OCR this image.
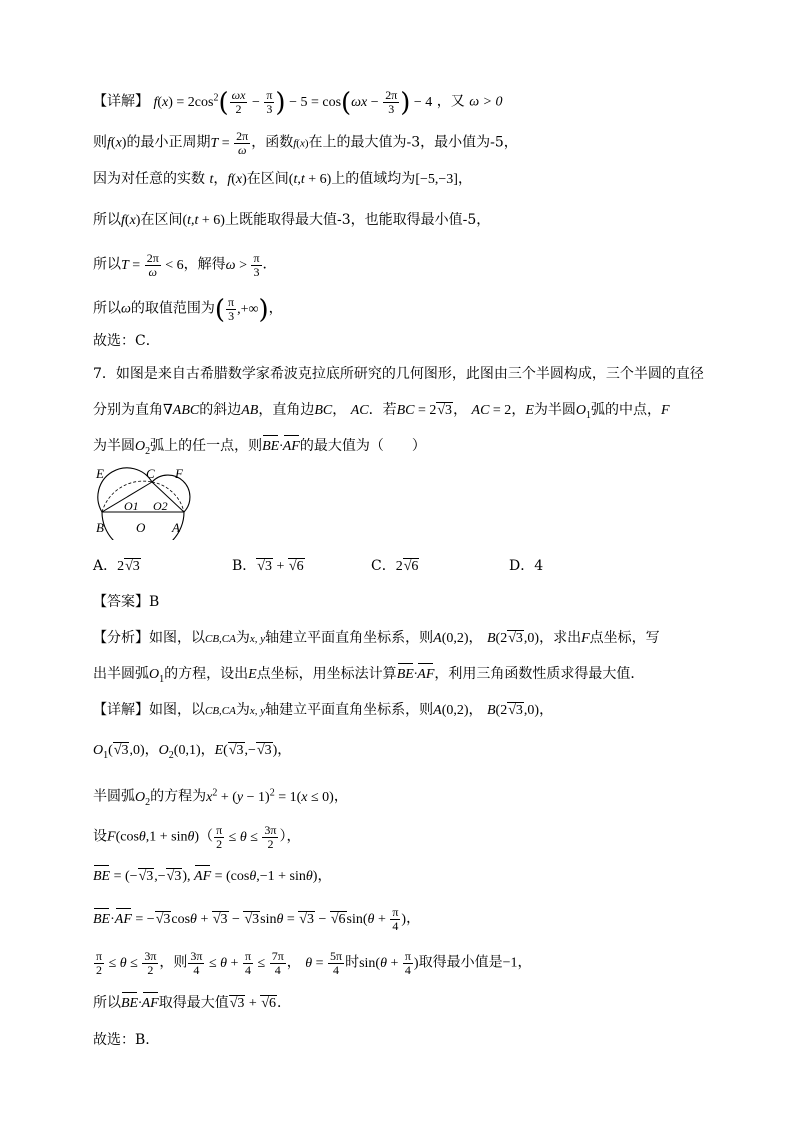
【详解】 $f(x) = 2\cos^2( \frac{\omega x}{2} - \frac{\pi}{3}$ ) − $5 = \cos(\omega x - \frac{2\pi}{3}$ ) − 4 ，又 ω > 0
则f(x)的最小正周期$T = \frac{2\pi}{\omega}$ ，函数f(x)在上的最大值为-3，最小值为-5，
因为对任意的实数 t，f(x)在区间(t,t + 6)上的值域均为[−5,−3]，
所以f(x)在区间(t,t + 6)上既能取得最大值-3，也能取得最小值-5，
所以$T = \frac{2\pi}{\omega} < 6$，解得$\omega > \frac{\pi}{3}$ ．
所以ω的取值范围为( $\frac{\pi}{3}$ ,+∞)，
故选：C．
7．如图是来自古希腊数学家希波克拉底所研究的几何图形，此图由三个半圆构成，三个半圆的直径
分别为直角∇ABC的斜边AB，直角边BC， AC．若BC = 2√3， AC = 2，E为半圆$O_1$弧的中点，F
为半圆$O_2$弧上的任一点，则BE·AF的最大值为（　　）
E	C F
O1 O2
B O A
A．2√3	B．√3 + √6	C．2√6	D．4
【答案】B
【分析】如图，以CB,CA为x, y轴建立平面直角坐标系，则A(0,2)， B(2√3,0)，求出F点坐标，写
出半圆弧$O_1$的方程，设出E点坐标，用坐标法计算BE·AF，利用三角函数性质求得最大值．
【详解】如图，以CB,CA为x, y轴建立平面直角坐标系，则A(0,2)， B(2√3,0)，
$O_1(√3,0)$，$O_2(0,1)$，E(√3,−√3)，
半圆弧$O_2$的方程为$x^2 + (y - 1)^2 = 1(x \le 0)$，
设$F(\cos\theta,1 + \sin\theta)( \frac{\pi}{2} \le \theta \le \frac{3\pi}{2}$ ），
BE = (−√3,−√3), AF = (cosθ,−1 + sinθ)，
$BE\cdot AF = -√3\cos\theta + √3 - √3\sin\theta = √3 - √6\sin(\theta + \frac{\pi}{4}$ )，
$\frac{\pi}{2} \le \theta \le \frac{3\pi}{2}$ ，则 $\frac{3\pi}{4} \le \theta + \frac{\pi}{4} \le \frac{7\pi}{4}$ ， $\theta = \frac{5\pi}{4}$ 时$\sin(\theta + \frac{\pi}{4}$ )取得最小值是−1，
所以BE·AF取得最大值√3 + √6．
故选：B.
